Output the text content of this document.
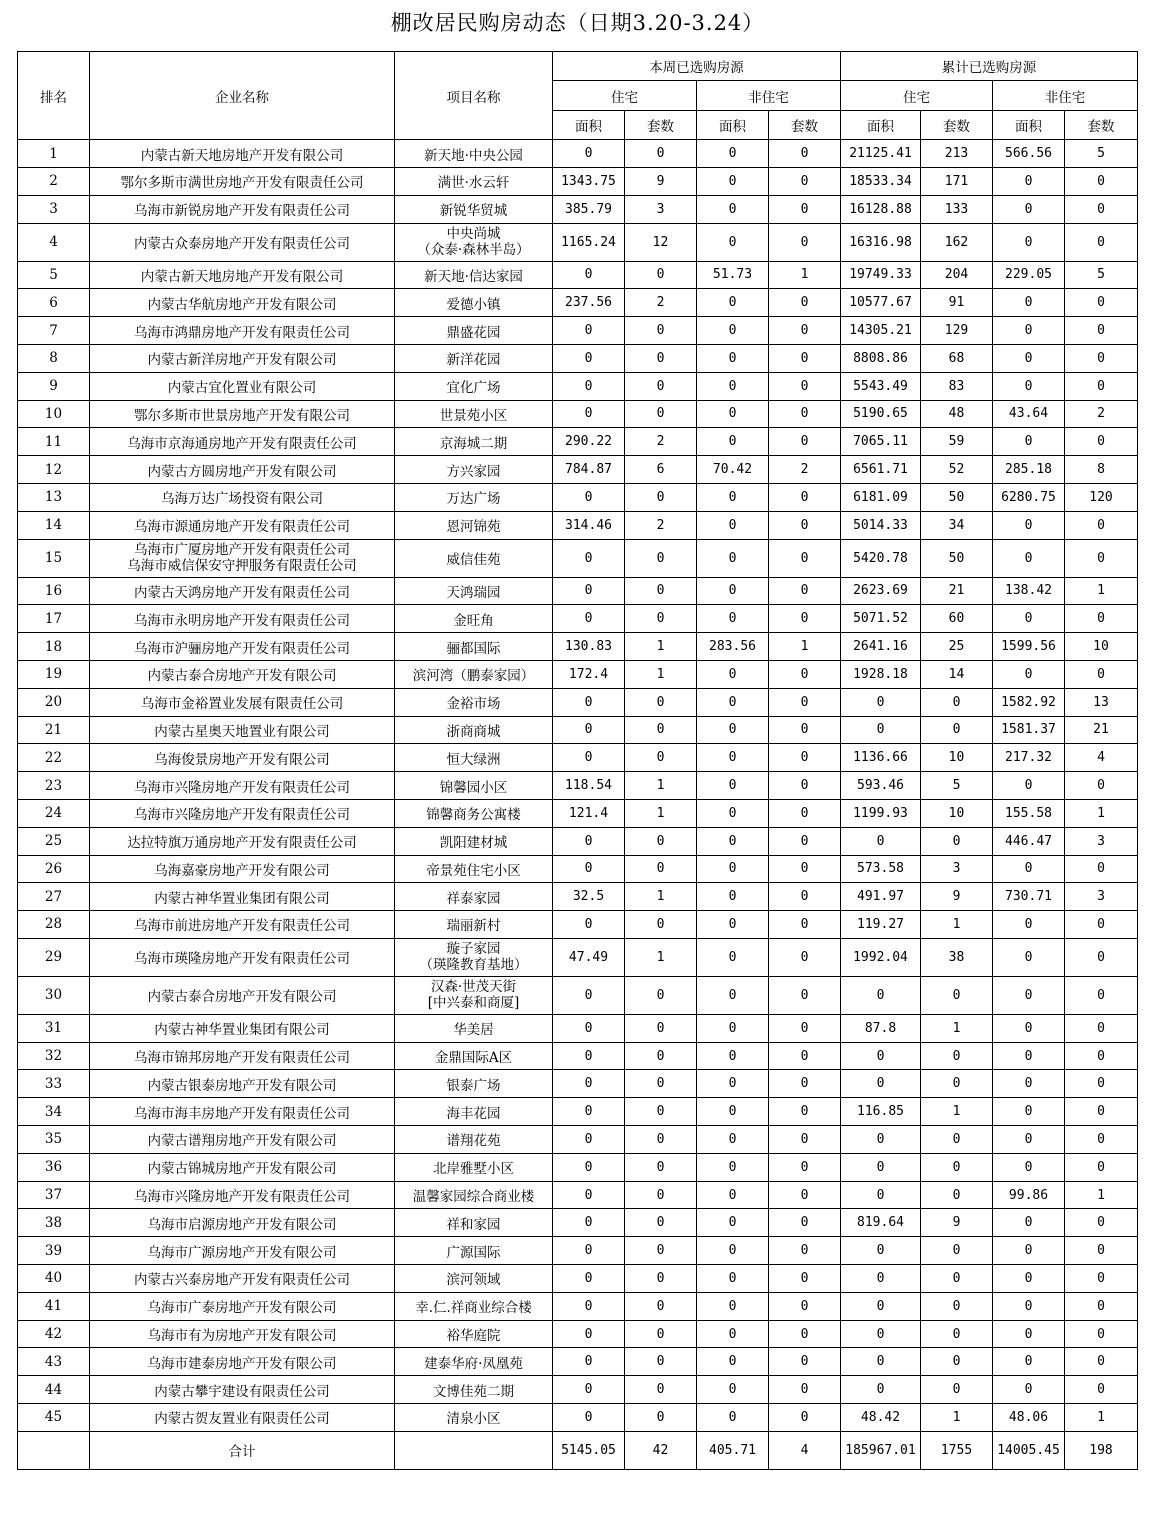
棚改居民购房动态（日期3.20-3.24）
排名	企业名称	项目名称	本周已选购房源				累计已选购房源			
			住宅		非住宅		住宅		非住宅	
			面积	套数	面积	套数	面积	套数	面积	套数
1	内蒙古新天地房地产开发有限公司	新天地·中央公园	0	0	0	0	21125.41	213	566.56	5
2	鄂尔多斯市满世房地产开发有限责任公司	满世·水云轩	1343.75	9	0	0	18533.34	171	0	0
3	乌海市新锐房地产开发有限责任公司	新锐华贸城	385.79	3	0	0	16128.88	133	0	0
4	内蒙古众泰房地产开发有限责任公司	中央尚城
（众泰·森林半岛）	1165.24	12	0	0	16316.98	162	0	0
5	内蒙古新天地房地产开发有限公司	新天地·信达家园	0	0	51.73	1	19749.33	204	229.05	5
6	内蒙古华航房地产开发有限公司	爱德小镇	237.56	2	0	0	10577.67	91	0	0
7	乌海市鸿鼎房地产开发有限责任公司	鼎盛花园	0	0	0	0	14305.21	129	0	0
8	内蒙古新洋房地产开发有限公司	新洋花园	0	0	0	0	8808.86	68	0	0
9	内蒙古宜化置业有限公司	宜化广场	0	0	0	0	5543.49	83	0	0
10	鄂尔多斯市世景房地产开发有限公司	世景苑小区	0	0	0	0	5190.65	48	43.64	2
11	乌海市京海通房地产开发有限责任公司	京海城二期	290.22	2	0	0	7065.11	59	0	0
12	内蒙古方圆房地产开发有限公司	方兴家园	784.87	6	70.42	2	6561.71	52	285.18	8
13	乌海万达广场投资有限公司	万达广场	0	0	0	0	6181.09	50	6280.75	120
14	乌海市源通房地产开发有限责任公司	恩河锦苑	314.46	2	0	0	5014.33	34	0	0
15	乌海市广厦房地产开发有限责任公司
乌海市威信保安守押服务有限责任公司	威信佳苑	0	0	0	0	5420.78	50	0	0
16	内蒙古天鸿房地产开发有限责任公司	天鸿瑞园	0	0	0	0	2623.69	21	138.42	1
17	乌海市永明房地产开发有限责任公司	金旺角	0	0	0	0	5071.52	60	0	0
18	乌海市沪骊房地产开发有限责任公司	骊都国际	130.83	1	283.56	1	2641.16	25	1599.56	10
19	内蒙古泰合房地产开发有限公司	滨河湾（鹏泰家园）	172.4	1	0	0	1928.18	14	0	0
20	乌海市金裕置业发展有限责任公司	金裕市场	0	0	0	0	0	0	1582.92	13
21	内蒙古星奥天地置业有限公司	浙商商城	0	0	0	0	0	0	1581.37	21
22	乌海俊景房地产开发有限公司	恒大绿洲	0	0	0	0	1136.66	10	217.32	4
23	乌海市兴隆房地产开发有限责任公司	锦馨园小区	118.54	1	0	0	593.46	5	0	0
24	乌海市兴隆房地产开发有限责任公司	锦馨商务公寓楼	121.4	1	0	0	1199.93	10	155.58	1
25	达拉特旗万通房地产开发有限责任公司	凯阳建材城	0	0	0	0	0	0	446.47	3
26	乌海嘉豪房地产开发有限公司	帝景苑住宅小区	0	0	0	0	573.58	3	0	0
27	内蒙古神华置业集团有限公司	祥泰家园	32.5	1	0	0	491.97	9	730.71	3
28	乌海市前进房地产开发有限责任公司	瑞丽新村	0	0	0	0	119.27	1	0	0
29	乌海市瑛隆房地产开发有限责任公司	璇子家园
（瑛隆教育基地）	47.49	1	0	0	1992.04	38	0	0
30	内蒙古泰合房地产开发有限公司	汉森·世茂天街
[中兴泰和商厦]	0	0	0	0	0	0	0	0
31	内蒙古神华置业集团有限公司	华美居	0	0	0	0	87.8	1	0	0
32	乌海市锦邦房地产开发有限责任公司	金鼎国际A区	0	0	0	0	0	0	0	0
33	内蒙古银泰房地产开发有限公司	银泰广场	0	0	0	0	0	0	0	0
34	乌海市海丰房地产开发有限责任公司	海丰花园	0	0	0	0	116.85	1	0	0
35	内蒙古谱翔房地产开发有限公司	谱翔花苑	0	0	0	0	0	0	0	0
36	内蒙古锦城房地产开发有限公司	北岸雅墅小区	0	0	0	0	0	0	0	0
37	乌海市兴隆房地产开发有限责任公司	温馨家园综合商业楼	0	0	0	0	0	0	99.86	1
38	乌海市启源房地产开发有限公司	祥和家园	0	0	0	0	819.64	9	0	0
39	乌海市广源房地产开发有限公司	广源国际	0	0	0	0	0	0	0	0
40	内蒙古兴泰房地产开发有限责任公司	滨河领域	0	0	0	0	0	0	0	0
41	乌海市广泰房地产开发有限公司	幸.仁.祥商业综合楼	0	0	0	0	0	0	0	0
42	乌海市有为房地产开发有限公司	裕华庭院	0	0	0	0	0	0	0	0
43	乌海市建泰房地产开发有限公司	建泰华府·凤凰苑	0	0	0	0	0	0	0	0
44	内蒙古攀宇建设有限责任公司	文博佳苑二期	0	0	0	0	0	0	0	0
45	内蒙古贺友置业有限责任公司	清泉小区	0	0	0	0	48.42	1	48.06	1
	合计		5145.05	42	405.71	4	185967.01	1755	14005.45	198
